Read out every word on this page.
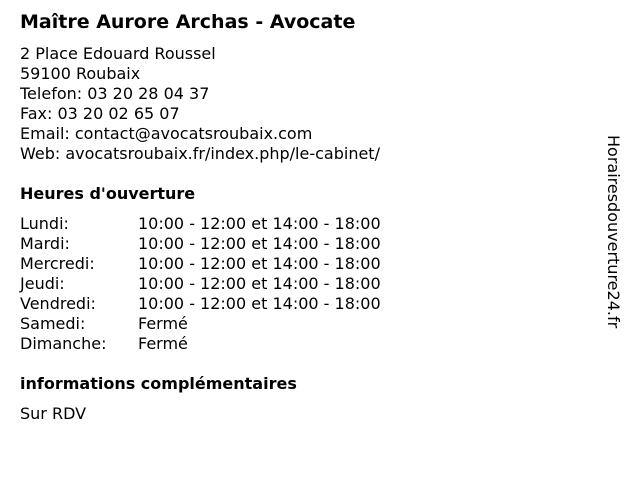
Maître Aurore Archas - Avocate
2 Place Edouard Roussel
59100 Roubaix
Telefon: 03 20 28 04 37
Fax: 03 20 02 65 07
Email: contact@avocatsroubaix.com
Web: avocatsroubaix.fr/index.php/le-cabinet/
Heures d'ouverture
Lundi:	10:00 - 12:00 et 14:00 - 18:00
Mardi:	10:00 - 12:00 et 14:00 - 18:00
Mercredi:	10:00 - 12:00 et 14:00 - 18:00
Jeudi:	10:00 - 12:00 et 14:00 - 18:00
Vendredi:	10:00 - 12:00 et 14:00 - 18:00
Samedi:	Fermé
Dimanche:	Fermé
informations complémentaires
Sur RDV
Horairesdouverture24.fr
